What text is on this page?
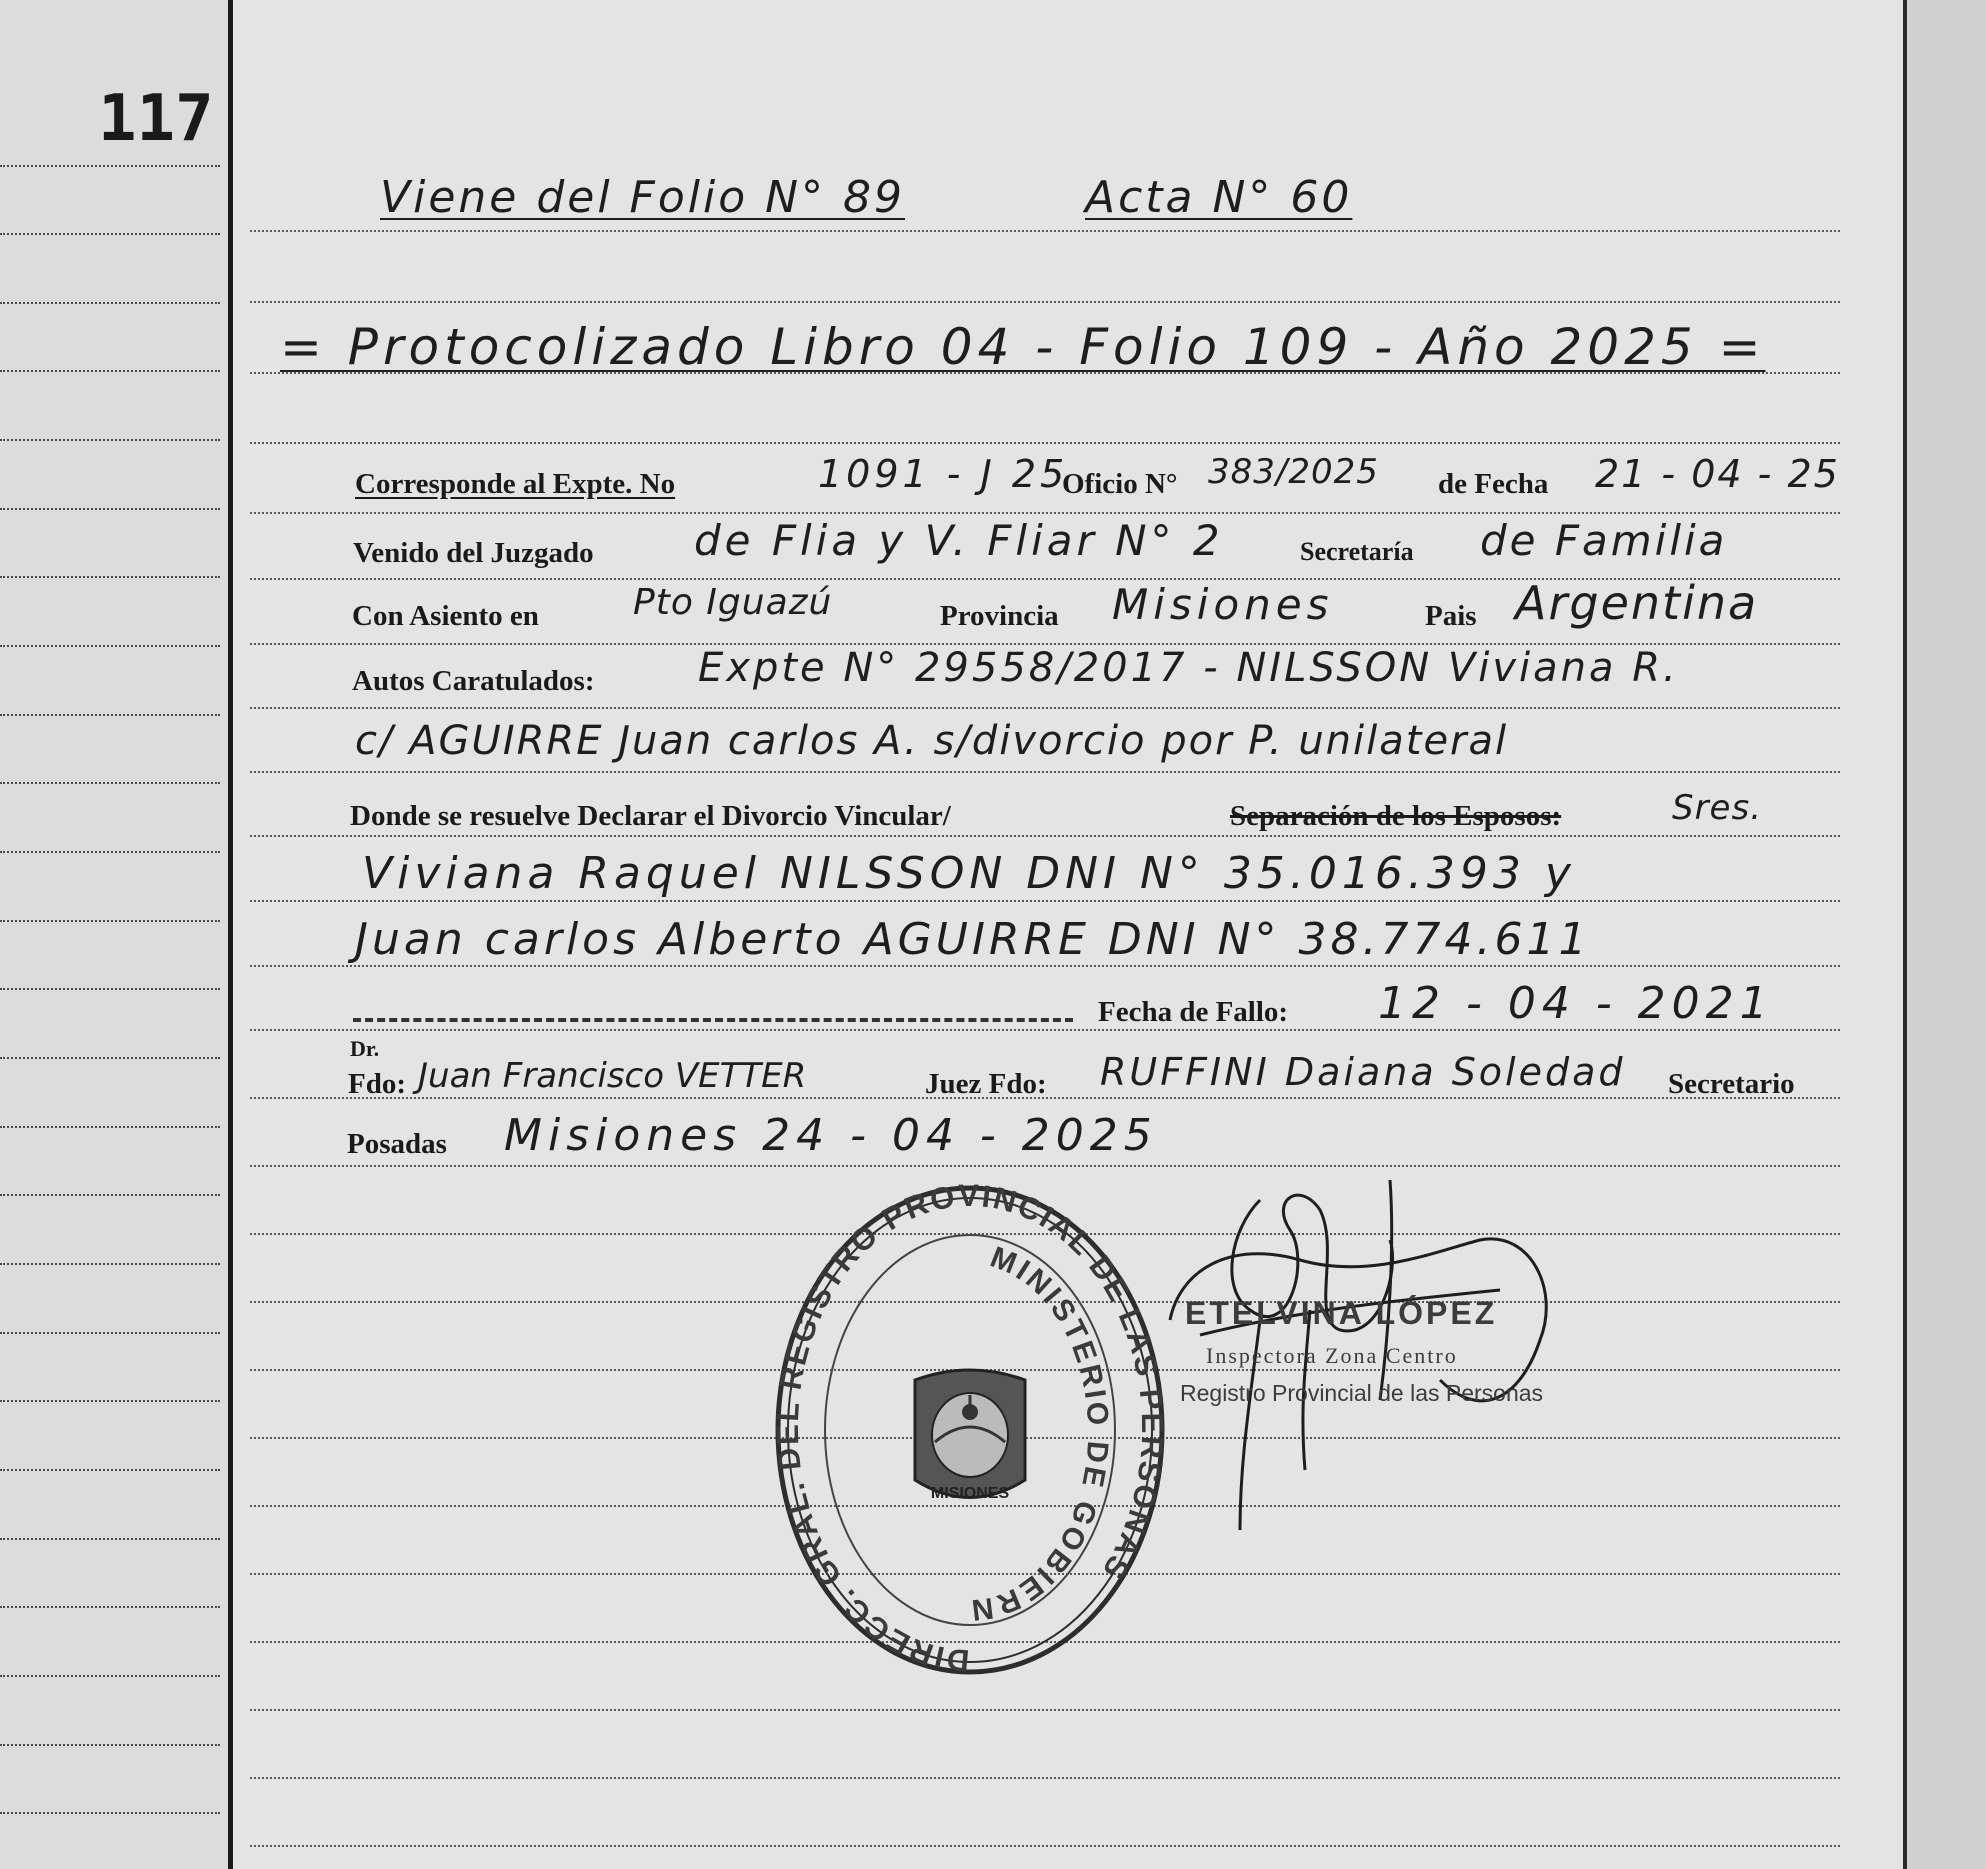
117
Viene del Folio N° 89	Acta N° 60
= Protocolizado Libro 04 - Folio 109 - Año 2025 =
Corresponde al Expte. No	1091 - J 25
Oficio N° 383/2025 de Fecha 21 - 04 - 25
Venido del Juzgado de Flia y V. Fliar N° 2	Secretaría de Familia
Con Asiento en	Pto Iguazú	Provincia Misiones	Pais Argentina
Autos Caratulados:	Expte N° 29558/2017 - NILSSON Viviana R.
c/ AGUIRRE Juan carlos A. s/divorcio por P. unilateral
Donde se resuelve Declarar el Divorcio Vincular/	Separación de los Esposos:	Sres.
Viviana Raquel NILSSON DNI N° 35.016.393 y
Juan carlos Alberto AGUIRRE DNI N° 38.774.611
Fecha de Fallo: 12 - 04 - 2021
Dr.
Fdo: Juan Francisco VETTER	Juez Fdo: RUFFINI Daiana Soledad Secretario
Posadas Misiones 24 - 04 - 2025
DIRECC. GRAL. DEL REGISTRO PROVINCIAL DE LAS PERSONAS
MINISTERIO DE GOBIERN
MISIONES
ETELVINA LÓPEZ
Inspectora Zona Centro
Registro Provincial de las Personas
